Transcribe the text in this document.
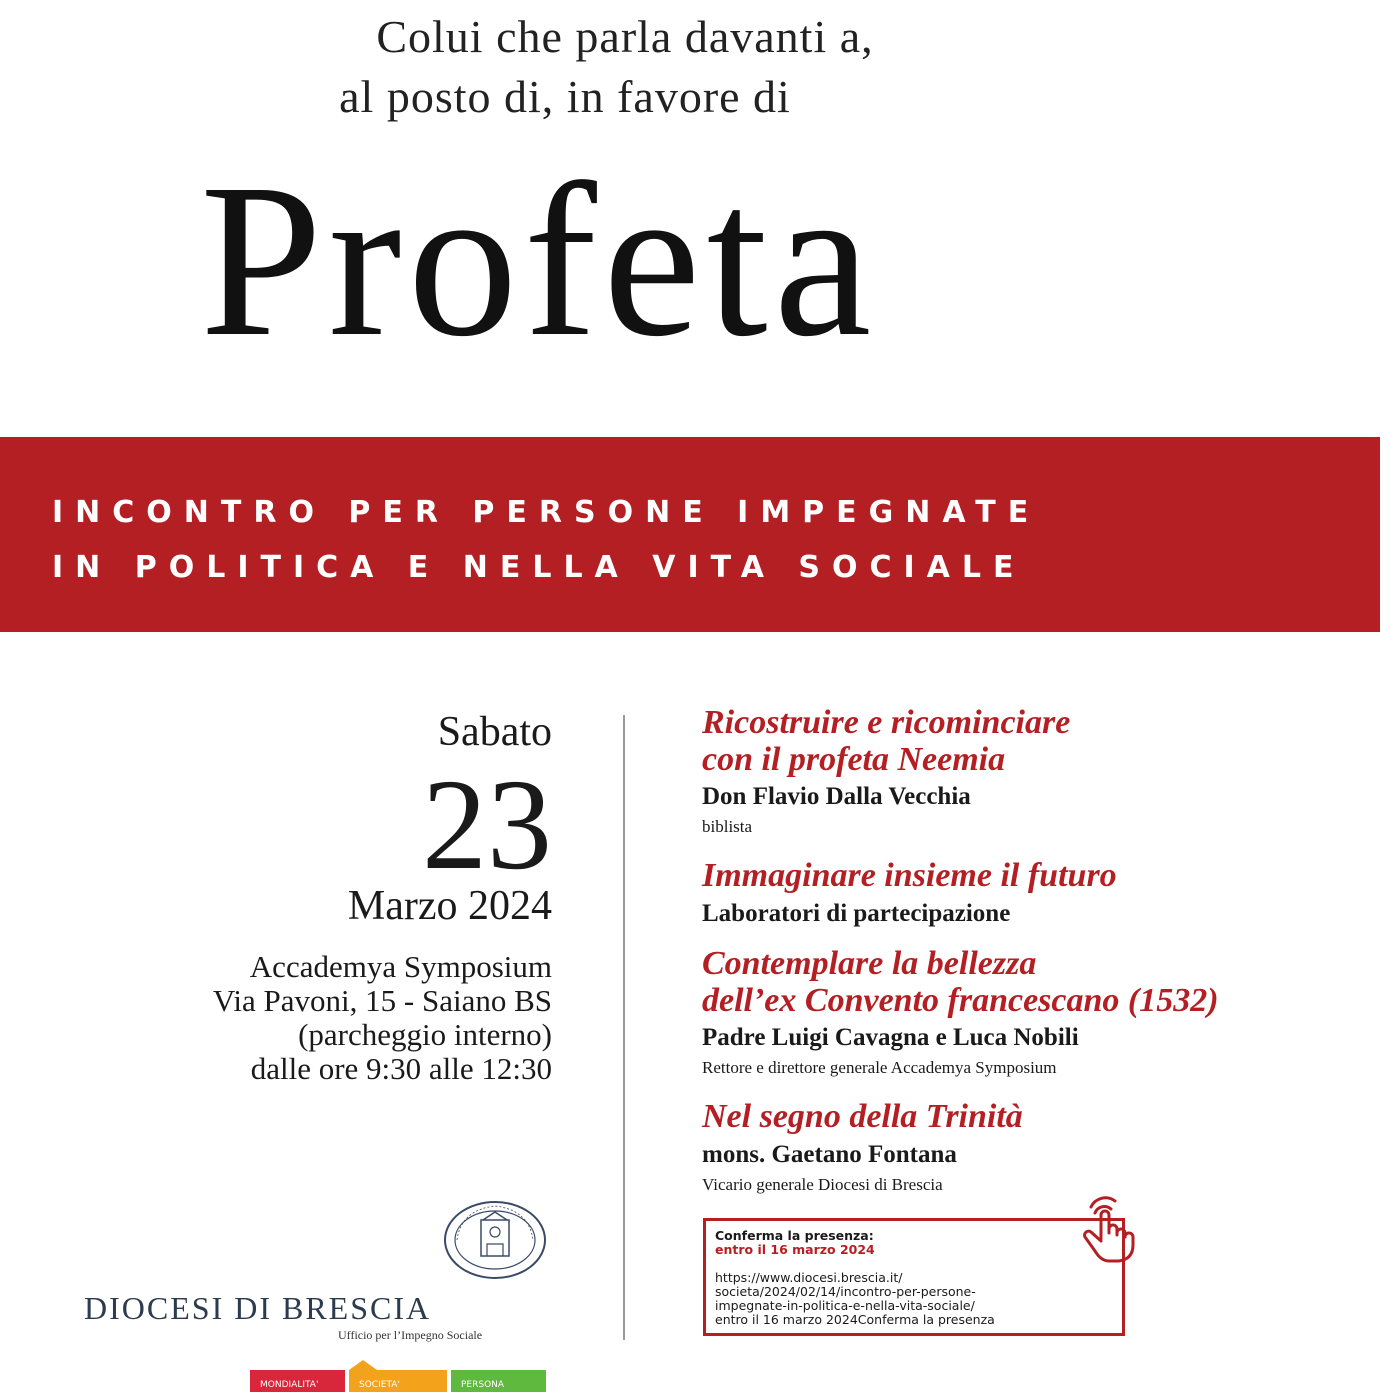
Colui che parla davanti a,
al posto di, in favore di
Profeta
INCONTRO PER PERSONE IMPEGNATE
IN POLITICA E NELLA VITA SOCIALE
Sabato
23
Marzo 2024
Accademya Symposium
Via Pavoni, 15 - Saiano BS
(parcheggio interno)
dalle ore 9:30 alle 12:30
Ricostruire e ricominciare
con il profeta Neemia
Don Flavio Dalla Vecchia
biblista
Immaginare insieme il futuro
Laboratori di partecipazione
Contemplare la bellezza
dell’ex Convento francescano (1532)
Padre Luigi Cavagna e Luca Nobili
Rettore e direttore generale Accademya Symposium
Nel segno della Trinità
mons. Gaetano Fontana
Vicario generale Diocesi di Brescia
Conferma la presenza:
entro il 16 marzo 2024
https://www.diocesi.brescia.it/
societa/2024/02/14/incontro-per-persone-
impegnate-in-politica-e-nella-vita-sociale/
entro il 16 marzo 2024Conferma la presenza
DIOCESI DI BRESCIA
Ufficio per l’Impegno Sociale
MONDIALITA'	SOCIETA'	PERSONA
